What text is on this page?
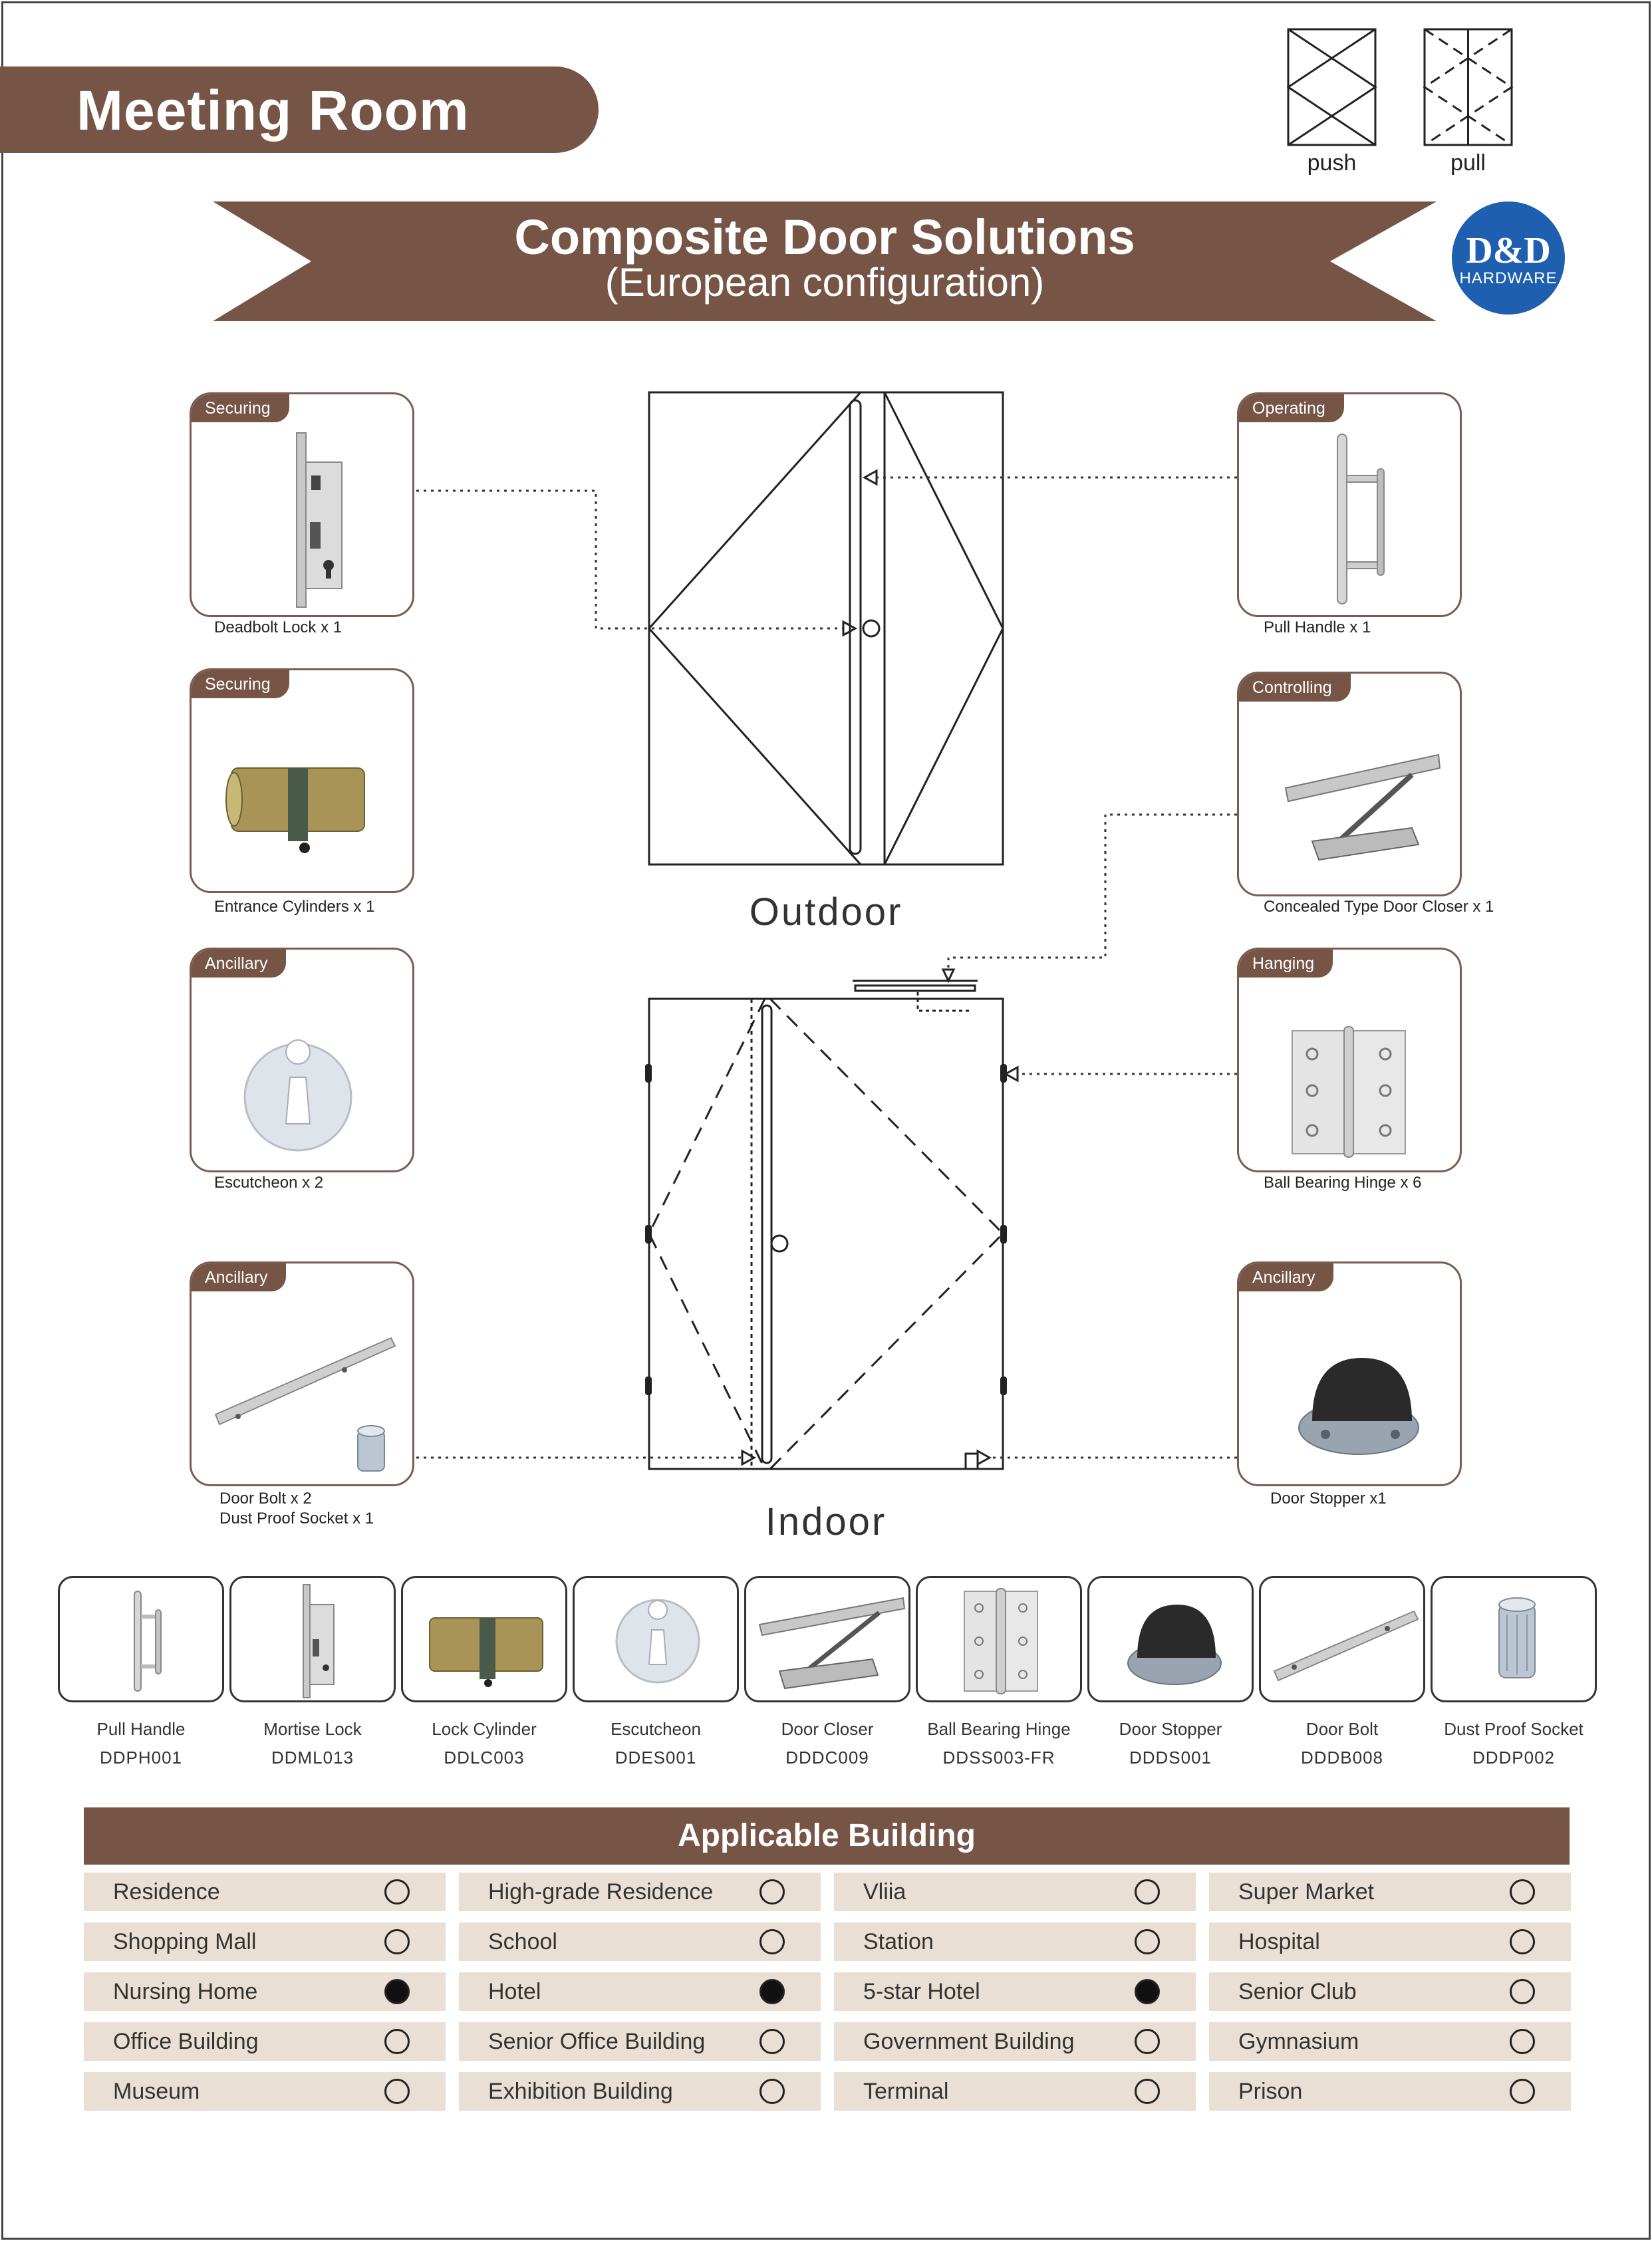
Meeting Room
push	pull
Composite Door Solutions
(European configuration)
D&D
HARDWARE
Outdoor
Indoor
Securing
Deadbolt Lock x 1
Securing
Entrance Cylinders x 1
Ancillary
Escutcheon x 2
Ancillary
Door Bolt x 2
Dust Proof Socket x 1
Operating
Pull Handle x 1
Controlling
Concealed Type Door Closer x 1
Hanging
Ball Bearing Hinge x 6
Ancillary
Door Stopper x1
Pull Handle
DDPH001
Mortise Lock
DDML013
Lock Cylinder
DDLC003
Escutcheon
DDES001
Door Closer
DDDC009
Ball Bearing Hinge
DDSS003-FR
Door Stopper
DDDS001
Door Bolt
DDDB008
Dust Proof Socket
DDDP002
Applicable Building
Residence	High-grade Residence	Vliia	Super Market
Shopping Mall	School	Station	Hospital
Nursing Home	Hotel	5-star Hotel	Senior Club
Office Building	Senior Office Building	Government Building	Gymnasium
Museum	Exhibition Building	Terminal	Prison
